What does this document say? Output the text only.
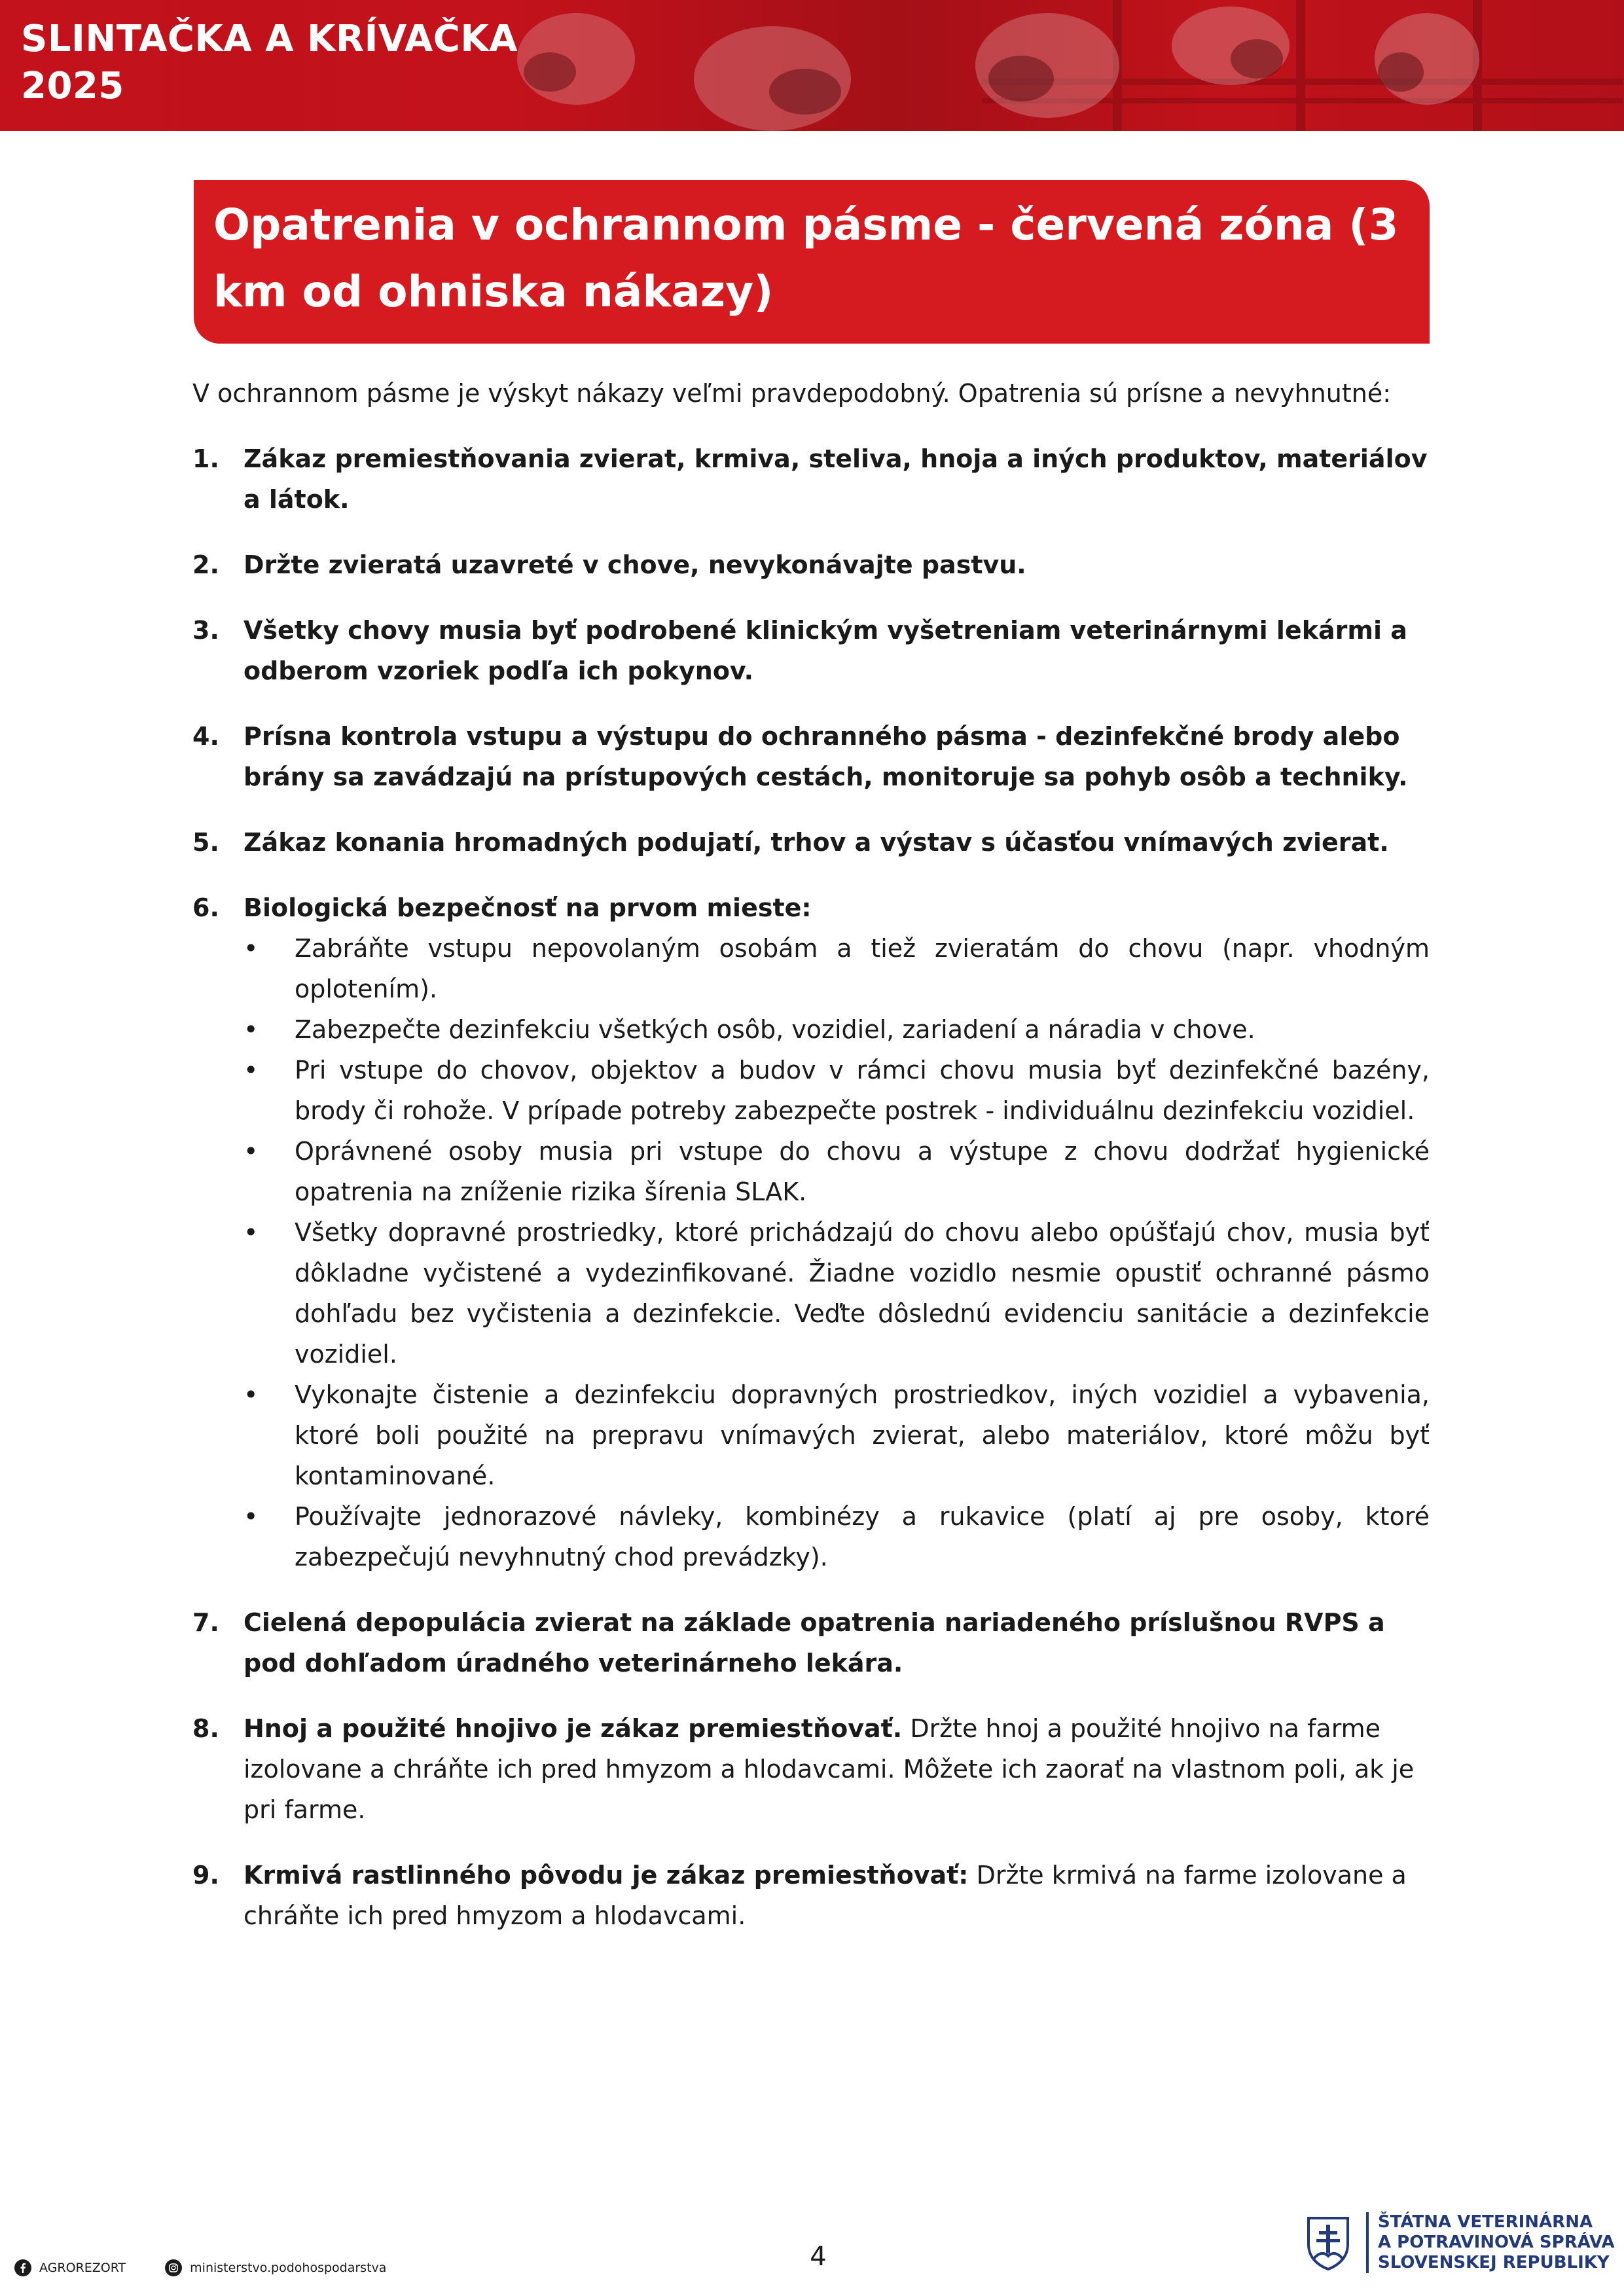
SLINTAČKA A KRÍVAČKA
2025
Opatrenia v ochrannom pásme - červená zóna (3 km od ohniska nákazy)

V ochrannom pásme je výskyt nákazy veľmi pravdepodobný. Opatrenia sú prísne a nevyhnutné:

1. Zákaz premiestňovania zvierat, krmiva, steliva, hnoja a iných produktov, materiálov a látok.
2. Držte zvieratá uzavreté v chove, nevykonávajte pastvu.
3. Všetky chovy musia byť podrobené klinickým vyšetreniam veterinárnymi lekármi a odberom vzoriek podľa ich pokynov.
4. Prísna kontrola vstupu a výstupu do ochranného pásma - dezinfekčné brody alebo brány sa zavádzajú na prístupových cestách, monitoruje sa pohyb osôb a techniky.
5. Zákaz konania hromadných podujatí, trhov a výstav s účasťou vnímavých zvierat.
6. Biologická bezpečnosť na prvom mieste:
• Zabráňte vstupu nepovolaným osobám a tiež zvieratám do chovu (napr. vhodným oplotením).
• Zabezpečte dezinfekciu všetkých osôb, vozidiel, zariadení a náradia v chove.
• Pri vstupe do chovov, objektov a budov v rámci chovu musia byť dezinfekčné bazény, brody či rohože. V prípade potreby zabezpečte postrek - individuálnu dezinfekciu vozidiel.
• Oprávnené osoby musia pri vstupe do chovu a výstupe z chovu dodržať hygienické opatrenia na zníženie rizika šírenia SLAK.
• Všetky dopravné prostriedky, ktoré prichádzajú do chovu alebo opúšťajú chov, musia byť dôkladne vyčistené a vydezinfikované. Žiadne vozidlo nesmie opustiť ochranné pásmo dohľadu bez vyčistenia a dezinfekcie. Veďte dôslednú evidenciu sanitácie a dezinfekcie vozidiel.
• Vykonajte čistenie a dezinfekciu dopravných prostriedkov, iných vozidiel a vybavenia, ktoré boli použité na prepravu vnímavých zvierat, alebo materiálov, ktoré môžu byť kontaminované.
• Používajte jednorazové návleky, kombinézy a rukavice (platí aj pre osoby, ktoré zabezpečujú nevyhnutný chod prevádzky).
7. Cielená depopulácia zvierat na základe opatrenia nariadeného príslušnou RVPS a pod dohľadom úradného veterinárneho lekára.
8. Hnoj a použité hnojivo je zákaz premiestňovať. Držte hnoj a použité hnojivo na farme izolovane a chráňte ich pred hmyzom a hlodavcami. Môžete ich zaorať na vlastnom poli, ak je pri farme.
9. Krmivá rastlinného pôvodu je zákaz premiestňovať: Držte krmivá na farme izolovane a chráňte ich pred hmyzom a hlodavcami.
AGROREZORT	ministerstvo.podohospodarstva	4
ŠTÁTNA VETERINÁRNA
A POTRAVINOVÁ SPRÁVA
SLOVENSKEJ REPUBLIKY
